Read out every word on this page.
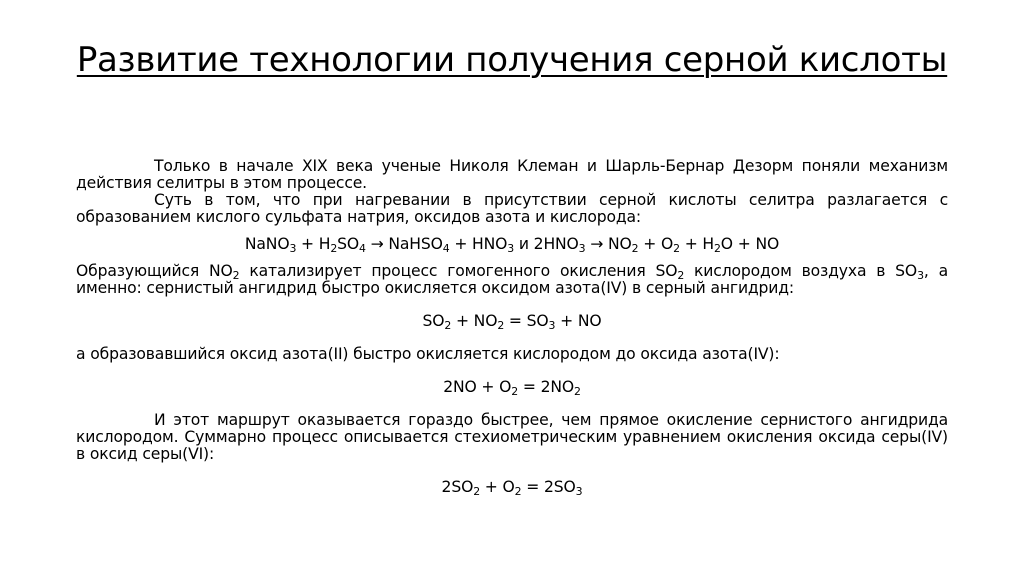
Развитие технологии получения серной кислоты

Только в начале XIX века ученые Николя Клеман и Шарль-Бернар Дезорм поняли механизм действия селитры в этом процессе.

Суть в том, что при нагревании в присутствии серной кислоты селитра разлагается с образованием кислого сульфата натрия, оксидов азота и кислорода:

NaNO$_3$ + $H_2SO_4$ → NaHSO$_4$ + $HNO_3$ и $2HNO_3 \to NO_2 + O_2 + H_2O$ + NO

Образующийся $NO_2$ катализирует процесс гомогенного окисления $SO_2$ кислородом воздуха в $SO_3$, а именно: сернистый ангидрид быстро окисляется оксидом азота(IV) в серный ангидрид:

$SO_2 + NO_2 = SO_3$ + NO

а образовавшийся оксид азота(II) быстро окисляется кислородом до оксида азота(IV):

$2NO + O_2 = 2NO_2$

И этот маршрут оказывается гораздо быстрее, чем прямое окисление сернистого ангидрида кислородом. Суммарно процесс описывается стехиометрическим уравнением окисления оксида серы(IV) в оксид серы(VI):

$2SO_2 + O_2 = 2SO_3$
